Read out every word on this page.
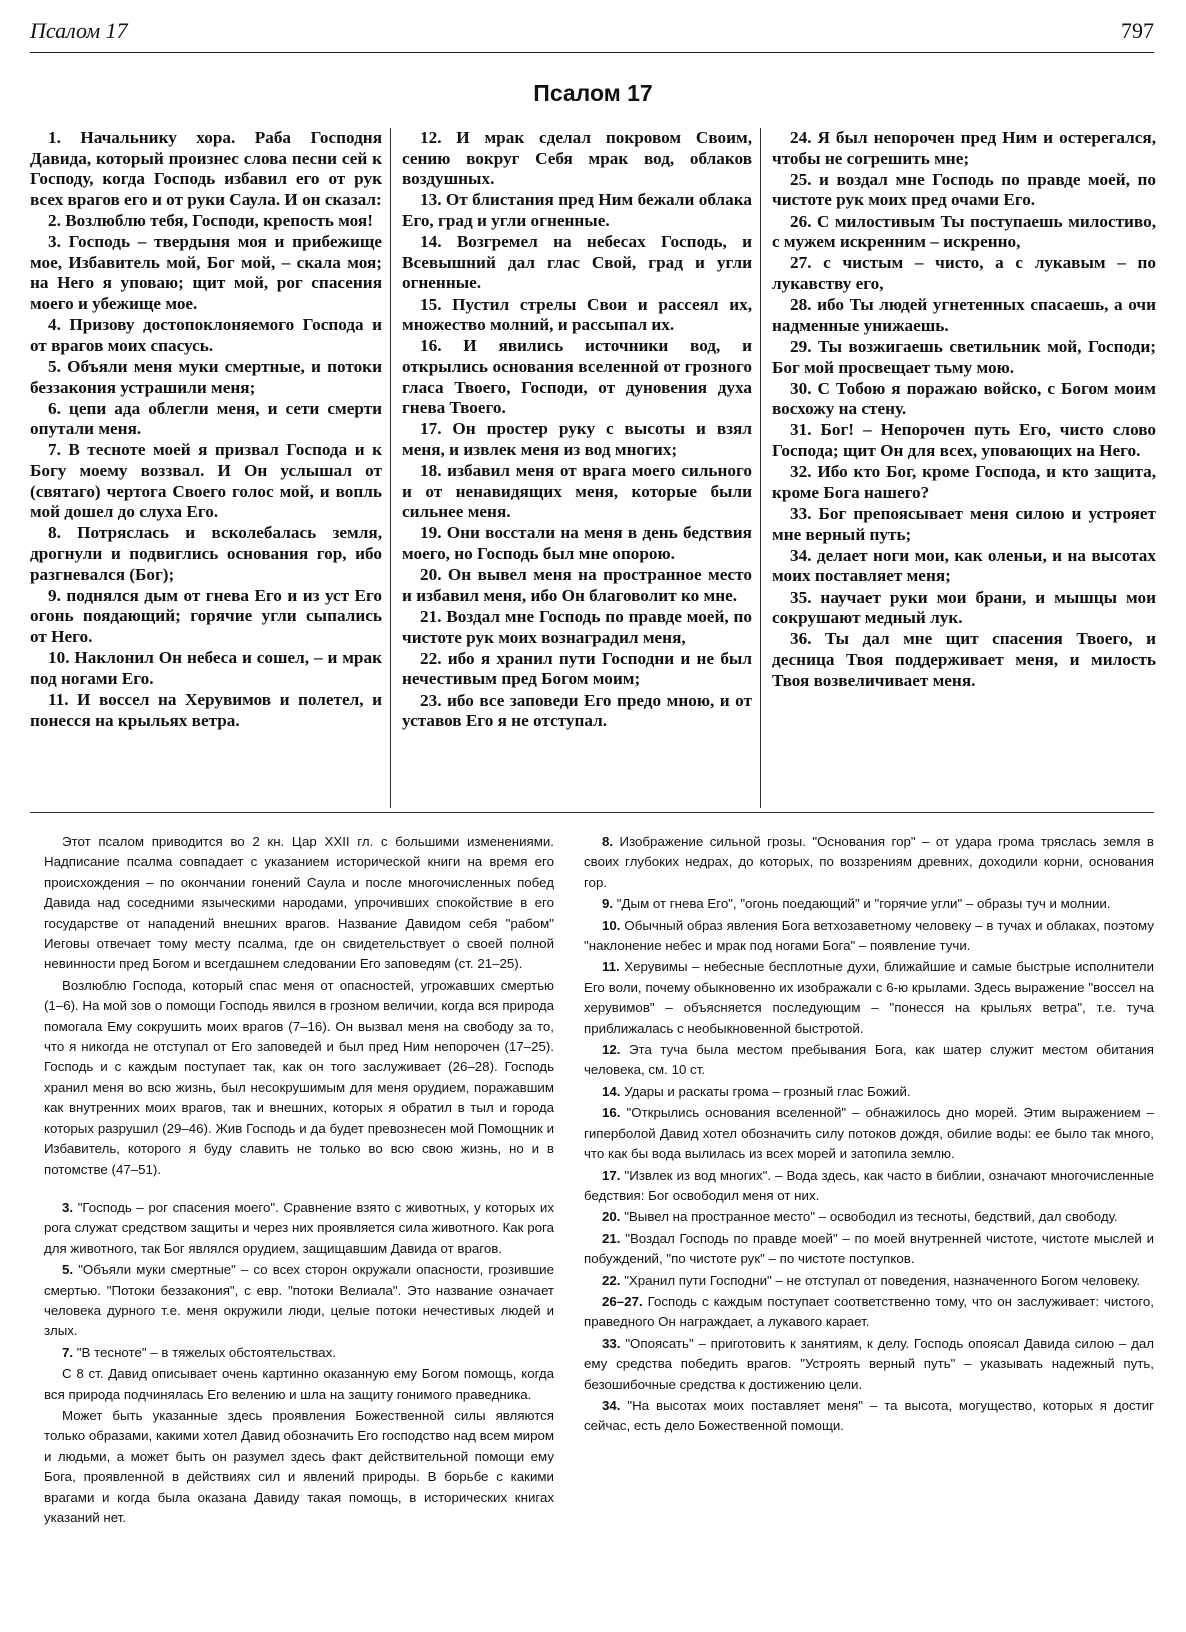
Псалом 17	797
Псалом 17

1. Начальнику хора. Раба Господня Давида, который произнес слова песни сей к Господу, когда Господь избавил его от рук всех врагов его и от руки Саула. И он сказал:

2. Возлюблю тебя, Господи, крепость моя!

3. Господь – твердыня моя и прибежище мое, Избавитель мой, Бог мой, – скала моя; на Него я уповаю; щит мой, рог спасения моего и убежище мое.

4. Призову достопоклоняемого Господа и от врагов моих спасусь.

5. Объяли меня муки смертные, и потоки беззакония устрашили меня;

6. цепи ада облегли меня, и сети смерти опутали меня.

7. В тесноте моей я призвал Господа и к Богу моему воззвал. И Он услышал от (святаго) чертога Своего голос мой, и вопль мой дошел до слуха Его.

8. Потряслась и всколебалась земля, дрогнули и подвиглись основания гор, ибо разгневался (Бог);

9. поднялся дым от гнева Его и из уст Его огонь поядающий; горячие угли сыпались от Него.

10. Наклонил Он небеса и сошел, – и мрак под ногами Его.

11. И воссел на Херувимов и полетел, и понесся на крыльях ветра.

12. И мрак сделал покровом Своим, сению вокруг Себя мрак вод, облаков воздушных.

13. От блистания пред Ним бежали облака Его, град и угли огненные.

14. Возгремел на небесах Господь, и Всевышний дал глас Свой, град и угли огненные.

15. Пустил стрелы Свои и рассеял их, множество молний, и рассыпал их.

16. И явились источники вод, и открылись основания вселенной от грозного гласа Твоего, Господи, от дуновения духа гнева Твоего.

17. Он простер руку с высоты и взял меня, и извлек меня из вод многих;

18. избавил меня от врага моего сильного и от ненавидящих меня, которые были сильнее меня.

19. Они восстали на меня в день бедствия моего, но Господь был мне опорою.

20. Он вывел меня на пространное место и избавил меня, ибо Он благоволит ко мне.

21. Воздал мне Господь по правде моей, по чистоте рук моих вознаградил меня,

22. ибо я хранил пути Господни и не был нечестивым пред Богом моим;

23. ибо все заповеди Его предо мною, и от уставов Его я не отступал.

24. Я был непорочен пред Ним и остерегался, чтобы не согрешить мне;

25. и воздал мне Господь по правде моей, по чистоте рук моих пред очами Его.

26. С милостивым Ты поступаешь милостиво, с мужем искренним – искренно,

27. с чистым – чисто, а с лукавым – по лукавству его,

28. ибо Ты людей угнетенных спасаешь, а очи надменные унижаешь.

29. Ты возжигаешь светильник мой, Господи; Бог мой просвещает тьму мою.

30. С Тобою я поражаю войско, с Богом моим восхожу на стену.

31. Бог! – Непорочен путь Его, чисто слово Господа; щит Он для всех, уповающих на Него.

32. Ибо кто Бог, кроме Господа, и кто защита, кроме Бога нашего?

33. Бог препоясывает меня силою и устрояет мне верный путь;

34. делает ноги мои, как оленьи, и на высотах моих поставляет меня;

35. научает руки мои брани, и мышцы мои сокрушают медный лук.

36. Ты дал мне щит спасения Твоего, и десница Твоя поддерживает меня, и милость Твоя возвеличивает меня.

Этот псалом приводится во 2 кн. Цар XXII гл. с большими изменениями. Надписание псалма совпадает с указанием исторической книги на время его происхождения – по окончании гонений Саула и после многочисленных побед Давида над соседними языческими народами, упрочивших спокойствие в его государстве от нападений внешних врагов. Название Давидом себя "рабом" Иеговы отвечает тому месту псалма, где он свидетельствует о своей полной невинности пред Богом и всегдашнем следовании Его заповедям (ст. 21–25).

Возлюблю Господа, который спас меня от опасностей, угрожавших смертью (1–6). На мой зов о помощи Господь явился в грозном величии, когда вся природа помогала Ему сокрушить моих врагов (7–16). Он вызвал меня на свободу за то, что я никогда не отступал от Его заповедей и был пред Ним непорочен (17–25). Господь и с каждым поступает так, как он того заслуживает (26–28). Господь хранил меня во всю жизнь, был несокрушимым для меня орудием, поражавшим как внутренних моих врагов, так и внешних, которых я обратил в тыл и города которых разрушил (29–46). Жив Господь и да будет превознесен мой Помощник и Избавитель, которого я буду славить не только во всю свою жизнь, но и в потомстве (47–51).

3. "Господь – рог спасения моего". Сравнение взято с животных, у которых их рога служат средством защиты и через них проявляется сила животного. Как рога для животного, так Бог являлся орудием, защищавшим Давида от врагов.

5. "Объяли муки смертные" – со всех сторон окружали опасности, грозившие смертью. "Потоки беззакония", с евр. "потоки Велиала". Это название означает человека дурного т.е. меня окружили люди, целые потоки нечестивых людей и злых.

7. "В тесноте" – в тяжелых обстоятельствах.

С 8 ст. Давид описывает очень картинно оказанную ему Богом помощь, когда вся природа подчинялась Его велению и шла на защиту гонимого праведника.

Может быть указанные здесь проявления Божественной силы являются только образами, какими хотел Давид обозначить Его господство над всем миром и людьми, а может быть он разумел здесь факт действительной помощи ему Бога, проявленной в действиях сил и явлений природы. В борьбе с какими врагами и когда была оказана Давиду такая помощь, в исторических книгах указаний нет.

8. Изображение сильной грозы. "Основания гор" – от удара грома тряслась земля в своих глубоких недрах, до которых, по воззрениям древних, доходили корни, основания гор.

9. "Дым от гнева Его", "огонь поедающий" и "горячие угли" – образы туч и молнии.

10. Обычный образ явления Бога ветхозаветному человеку – в тучах и облаках, поэтому "наклонение небес и мрак под ногами Бога" – появление тучи.

11. Херувимы – небесные бесплотные духи, ближайшие и самые быстрые исполнители Его воли, почему обыкновенно их изображали с 6-ю крылами. Здесь выражение "воссел на херувимов" – объясняется последующим – "понесся на крыльях ветра", т.е. туча приближалась с необыкновенной быстротой.

12. Эта туча была местом пребывания Бога, как шатер служит местом обитания человека, см. 10 ст.

14. Удары и раскаты грома – грозный глас Божий.

16. "Открылись основания вселенной" – обнажилось дно морей. Этим выражением – гиперболой Давид хотел обозначить силу потоков дождя, обилие воды: ее было так много, что как бы вода вылилась из всех морей и затопила землю.

17. "Извлек из вод многих". – Вода здесь, как часто в библии, означают многочисленные бедствия: Бог освободил меня от них.

20. "Вывел на пространное место" – освободил из тесноты, бедствий, дал свободу.

21. "Воздал Господь по правде моей" – по моей внутренней чистоте, чистоте мыслей и побуждений, "по чистоте рук" – по чистоте поступков.

22. "Хранил пути Господни" – не отступал от поведения, назначенного Богом человеку.

26–27. Господь с каждым поступает соответственно тому, что он заслуживает: чистого, праведного Он награждает, а лукавого карает.

33. "Опоясать" – приготовить к занятиям, к делу. Господь опоясал Давида силою – дал ему средства победить врагов. "Устроять верный путь" – указывать надежный путь, безошибочные средства к достижению цели.

34. "На высотах моих поставляет меня" – та высота, могущество, которых я достиг сейчас, есть дело Божественной помощи.
